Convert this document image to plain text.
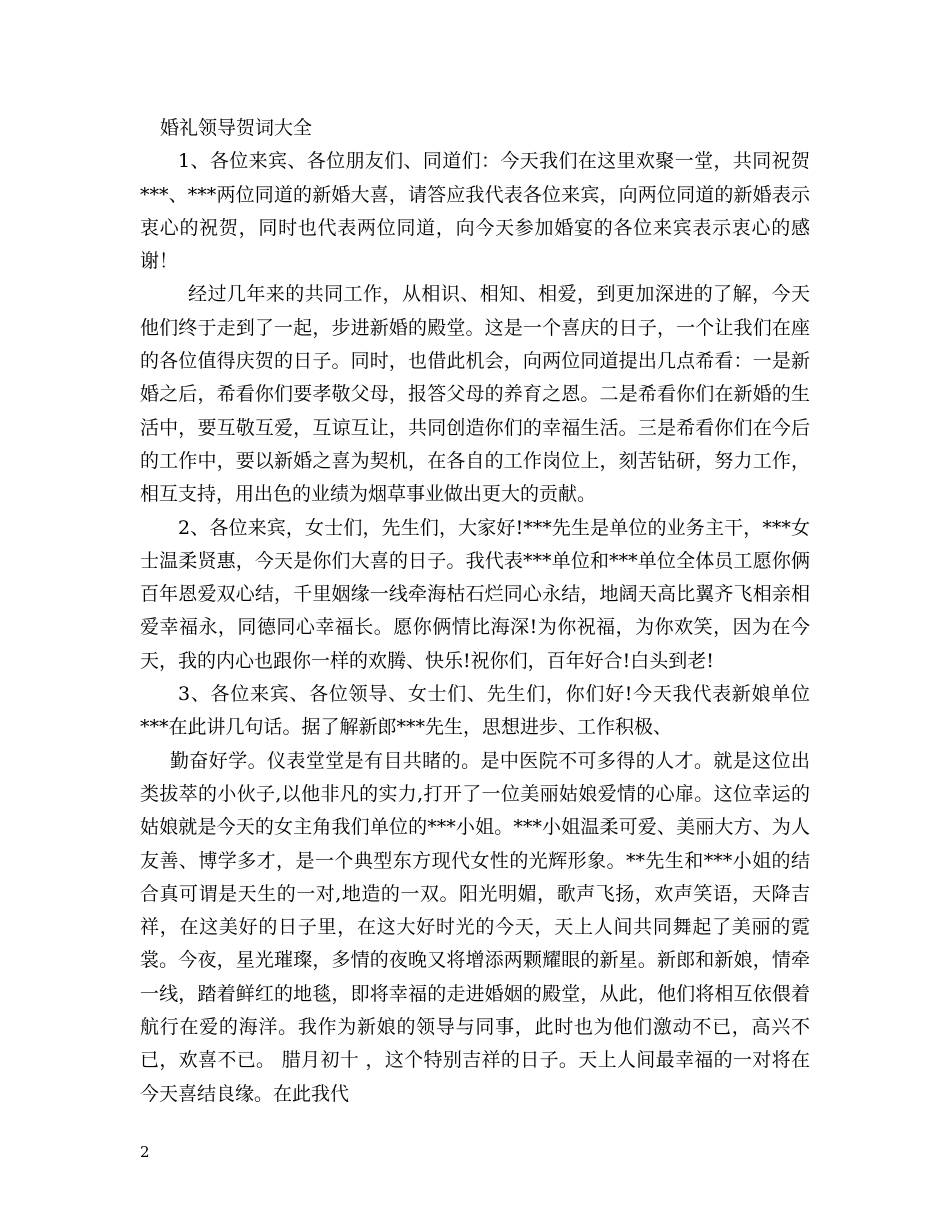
婚礼领导贺词大全

1、各位来宾、各位朋友们、同道们：今天我们在这里欢聚一堂，共同祝贺***、***两位同道的新婚大喜，请答应我代表各位来宾，向两位同道的新婚表示衷心的祝贺，同时也代表两位同道，向今天参加婚宴的各位来宾表示衷心的感谢！

经过几年来的共同工作，从相识、相知、相爱，到更加深进的了解，今天他们终于走到了一起，步进新婚的殿堂。这是一个喜庆的日子，一个让我们在座的各位值得庆贺的日子。同时，也借此机会，向两位同道提出几点希看：一是新婚之后，希看你们要孝敬父母，报答父母的养育之恩。二是希看你们在新婚的生活中，要互敬互爱，互谅互让，共同创造你们的幸福生活。三是希看你们在今后的工作中，要以新婚之喜为契机，在各自的工作岗位上，刻苦钻研，努力工作，相互支持，用出色的业绩为烟草事业做出更大的贡献。

2、各位来宾，女士们，先生们，大家好!***先生是单位的业务主干，***女士温柔贤惠，今天是你们大喜的日子。我代表***单位和***单位全体员工愿你俩百年恩爱双心结，千里姻缘一线牵海枯石烂同心永结，地阔天高比翼齐飞相亲相爱幸福永，同德同心幸福长。愿你俩情比海深!为你祝福，为你欢笑，因为在今天，我的内心也跟你一样的欢腾、快乐!祝你们，百年好合!白头到老!

3、各位来宾、各位领导、女士们、先生们，你们好!今天我代表新娘单位***在此讲几句话。据了解新郎***先生，思想进步、工作积极、

勤奋好学。仪表堂堂是有目共睹的。是中医院不可多得的人才。就是这位出类拔萃的小伙子,以他非凡的实力,打开了一位美丽姑娘爱情的心扉。这位幸运的姑娘就是今天的女主角我们单位的***小姐。***小姐温柔可爱、美丽大方、为人友善、博学多才，是一个典型东方现代女性的光辉形象。**先生和***小姐的结合真可谓是天生的一对,地造的一双。阳光明媚，歌声飞扬，欢声笑语，天降吉祥，在这美好的日子里，在这大好时光的今天，天上人间共同舞起了美丽的霓裳。今夜，星光璀璨，多情的夜晚又将增添两颗耀眼的新星。新郎和新娘，情牵一线，踏着鲜红的地毯，即将幸福的走进婚姻的殿堂，从此，他们将相互依偎着航行在爱的海洋。我作为新娘的领导与同事，此时也为他们激动不已，高兴不已，欢喜不已。 腊月初十 ，这个特别吉祥的日子。天上人间最幸福的一对将在今天喜结良缘。在此我代

2
